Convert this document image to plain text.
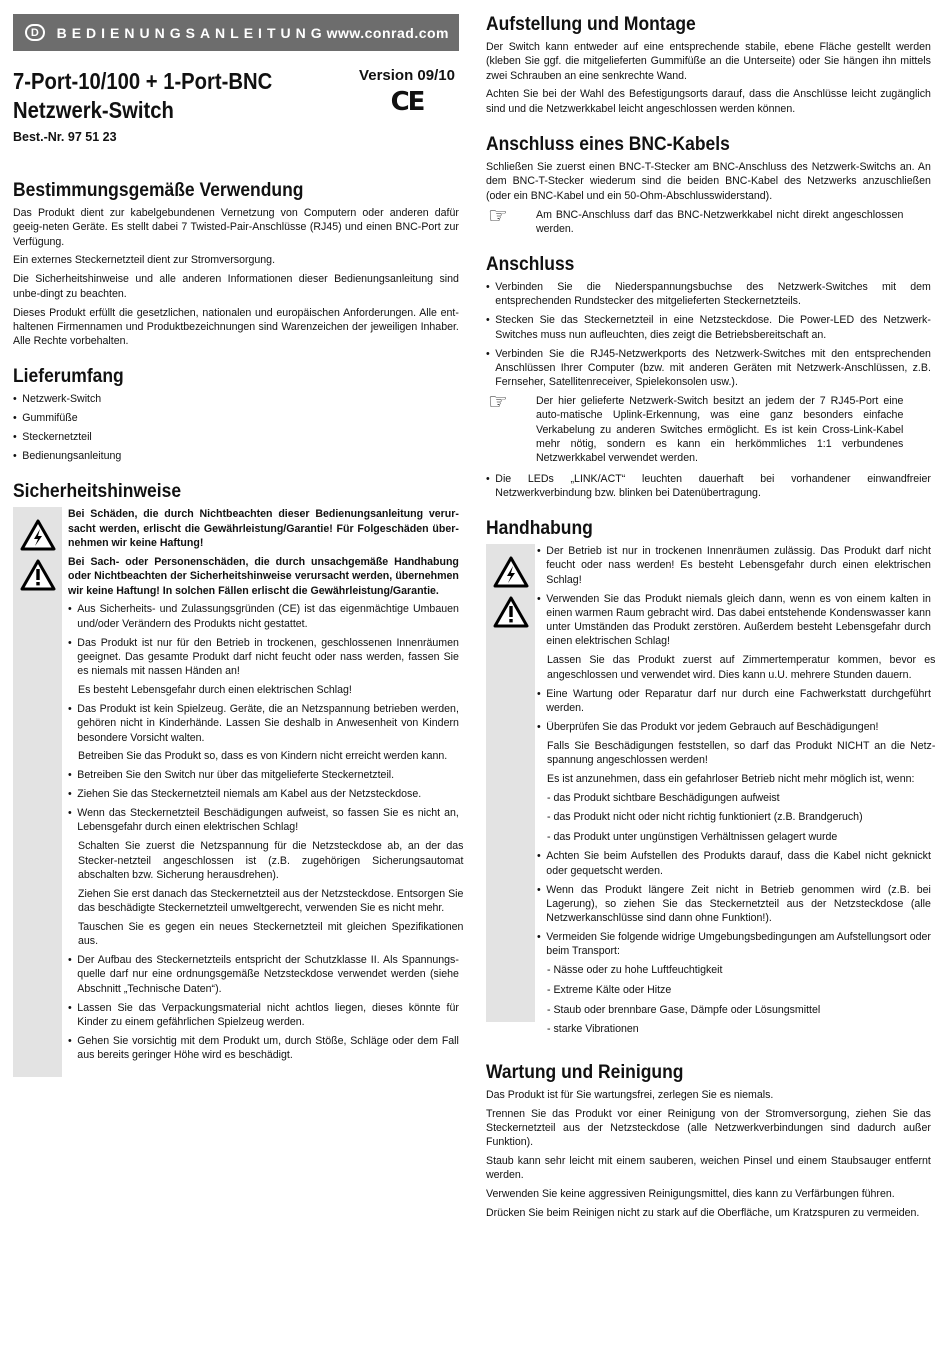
D	BEDIENUNGSANLEITUNG www.conrad.com
7-Port-10/100 + 1-Port-BNC
Netzwerk-Switch
Best.-Nr. 97 51 23
Version 09/10
CE
Bestimmungsgemäße Verwendung

Das Produkt dient zur kabelgebundenen Vernetzung von Computern oder anderen dafür geeig-neten Geräte. Es stellt dabei 7 Twisted-Pair-Anschlüsse (RJ45) und einen BNC-Port zur Verfügung.

Ein externes Steckernetzteil dient zur Stromversorgung.

Die Sicherheitshinweise und alle anderen Informationen dieser Bedienungsanleitung sind unbe-dingt zu beachten.

Dieses Produkt erfüllt die gesetzlichen, nationalen und europäischen Anforderungen. Alle ent-haltenen Firmennamen und Produktbezeichnungen sind Warenzeichen der jeweiligen Inhaber. Alle Rechte vorbehalten.

Lieferumfang
• Netzwerk-Switch
• Gummifüße
• Steckernetzteil
• Bedienungsanleitung
Sicherheitshinweise

Bei Schäden, die durch Nichtbeachten dieser Bedienungsanleitung verur-sacht werden, erlischt die Gewährleistung/Garantie! Für Folgeschäden über-nehmen wir keine Haftung!

Bei Sach- oder Personenschäden, die durch unsachgemäße Handhabung oder Nichtbeachten der Sicherheitshinweise verursacht werden, übernehmen wir keine Haftung! In solchen Fällen erlischt die Gewährleistung/Garantie.

• Aus Sicherheits- und Zulassungsgründen (CE) ist das eigenmächtige Umbauen und/oder Verändern des Produkts nicht gestattet.
• Das Produkt ist nur für den Betrieb in trockenen, geschlossenen Innenräumen geeignet. Das gesamte Produkt darf nicht feucht oder nass werden, fassen Sie es niemals mit nassen Händen an!
Es besteht Lebensgefahr durch einen elektrischen Schlag!
• Das Produkt ist kein Spielzeug. Geräte, die an Netzspannung betrieben werden, gehören nicht in Kinderhände. Lassen Sie deshalb in Anwesenheit von Kindern besondere Vorsicht walten.
Betreiben Sie das Produkt so, dass es von Kindern nicht erreicht werden kann.
• Betreiben Sie den Switch nur über das mitgelieferte Steckernetzteil.
• Ziehen Sie das Steckernetzteil niemals am Kabel aus der Netzsteckdose.
• Wenn das Steckernetzteil Beschädigungen aufweist, so fassen Sie es nicht an, Lebensgefahr durch einen elektrischen Schlag!
Schalten Sie zuerst die Netzspannung für die Netzsteckdose ab, an der das Stecker-netzteil angeschlossen ist (z.B. zugehörigen Sicherungsautomat abschalten bzw. Sicherung herausdrehen).
Ziehen Sie erst danach das Steckernetzteil aus der Netzsteckdose. Entsorgen Sie das beschädigte Steckernetzteil umweltgerecht, verwenden Sie es nicht mehr.
Tauschen Sie es gegen ein neues Steckernetzteil mit gleichen Spezifikationen aus.
• Der Aufbau des Steckernetzteils entspricht der Schutzklasse II. Als Spannungs-quelle darf nur eine ordnungsgemäße Netzsteckdose verwendet werden (siehe Abschnitt „Technische Daten“).
• Lassen Sie das Verpackungsmaterial nicht achtlos liegen, dieses könnte für Kinder zu einem gefährlichen Spielzeug werden.
• Gehen Sie vorsichtig mit dem Produkt um, durch Stöße, Schläge oder dem Fall aus bereits geringer Höhe wird es beschädigt.
Aufstellung und Montage

Der Switch kann entweder auf eine entsprechende stabile, ebene Fläche gestellt werden (kleben Sie ggf. die mitgelieferten Gummifüße an die Unterseite) oder Sie hängen ihn mittels zwei Schrauben an eine senkrechte Wand.

Achten Sie bei der Wahl des Befestigungsorts darauf, dass die Anschlüsse leicht zugänglich sind und die Netzwerkkabel leicht angeschlossen werden können.

Anschluss eines BNC-Kabels

Schließen Sie zuerst einen BNC-T-Stecker am BNC-Anschluss des Netzwerk-Switchs an. An dem BNC-T-Stecker wiederum sind die beiden BNC-Kabel des Netzwerks anzuschließen (oder ein BNC-Kabel und ein 50-Ohm-Abschlusswiderstand).

☞	Am BNC-Anschluss darf das BNC-Netzwerkkabel nicht direkt angeschlossen werden.

Anschluss
• Verbinden Sie die Niederspannungsbuchse des Netzwerk-Switches mit dem entsprechenden Rundstecker des mitgelieferten Steckernetzteils.
• Stecken Sie das Steckernetzteil in eine Netzsteckdose. Die Power-LED des Netzwerk-Switches muss nun aufleuchten, dies zeigt die Betriebsbereitschaft an.
• Verbinden Sie die RJ45-Netzwerkports des Netzwerk-Switches mit den entsprechenden Anschlüssen Ihrer Computer (bzw. mit anderen Geräten mit Netzwerk-Anschlüssen, z.B. Fernseher, Satellitenreceiver, Spielekonsolen usw.).
☞	Der hier gelieferte Netzwerk-Switch besitzt an jedem der 7 RJ45-Port eine auto-matische Uplink-Erkennung, was eine ganz besonders einfache Verkabelung zu anderen Switches ermöglicht. Es ist kein Cross-Link-Kabel mehr nötig, sondern es kann ein herkömmliches 1:1 verbundenes Netzwerkkabel verwendet werden.

• Die LEDs „LINK/ACT“ leuchten dauerhaft bei vorhandener einwandfreier Netzwerkverbindung bzw. blinken bei Datenübertragung.
Handhabung
• Der Betrieb ist nur in trockenen Innenräumen zulässig. Das Produkt darf nicht feucht oder nass werden! Es besteht Lebensgefahr durch einen elektrischen Schlag!
• Verwenden Sie das Produkt niemals gleich dann, wenn es von einem kalten in einen warmen Raum gebracht wird. Das dabei entstehende Kondenswasser kann unter Umständen das Produkt zerstören. Außerdem besteht Lebensgefahr durch einen elektrischen Schlag!
Lassen Sie das Produkt zuerst auf Zimmertemperatur kommen, bevor es angeschlossen und verwendet wird. Dies kann u.U. mehrere Stunden dauern.
• Eine Wartung oder Reparatur darf nur durch eine Fachwerkstatt durchgeführt werden.
• Überprüfen Sie das Produkt vor jedem Gebrauch auf Beschädigungen!
Falls Sie Beschädigungen feststellen, so darf das Produkt NICHT an die Netz-spannung angeschlossen werden!
Es ist anzunehmen, dass ein gefahrloser Betrieb nicht mehr möglich ist, wenn:
- das Produkt sichtbare Beschädigungen aufweist
- das Produkt nicht oder nicht richtig funktioniert (z.B. Brandgeruch)
- das Produkt unter ungünstigen Verhältnissen gelagert wurde
• Achten Sie beim Aufstellen des Produkts darauf, dass die Kabel nicht geknickt oder gequetscht werden.
• Wenn das Produkt längere Zeit nicht in Betrieb genommen wird (z.B. bei Lagerung), so ziehen Sie das Steckernetzteil aus der Netzsteckdose (alle Netzwerkanschlüsse sind dann ohne Funktion!).
• Vermeiden Sie folgende widrige Umgebungsbedingungen am Aufstellungsort oder beim Transport:
- Nässe oder zu hohe Luftfeuchtigkeit
- Extreme Kälte oder Hitze
- Staub oder brennbare Gase, Dämpfe oder Lösungsmittel
- starke Vibrationen
Wartung und Reinigung

Das Produkt ist für Sie wartungsfrei, zerlegen Sie es niemals.

Trennen Sie das Produkt vor einer Reinigung von der Stromversorgung, ziehen Sie das Steckernetzteil aus der Netzsteckdose (alle Netzwerkverbindungen sind dadurch außer Funktion).

Staub kann sehr leicht mit einem sauberen, weichen Pinsel und einem Staubsauger entfernt werden.

Verwenden Sie keine aggressiven Reinigungsmittel, dies kann zu Verfärbungen führen.

Drücken Sie beim Reinigen nicht zu stark auf die Oberfläche, um Kratzspuren zu vermeiden.
